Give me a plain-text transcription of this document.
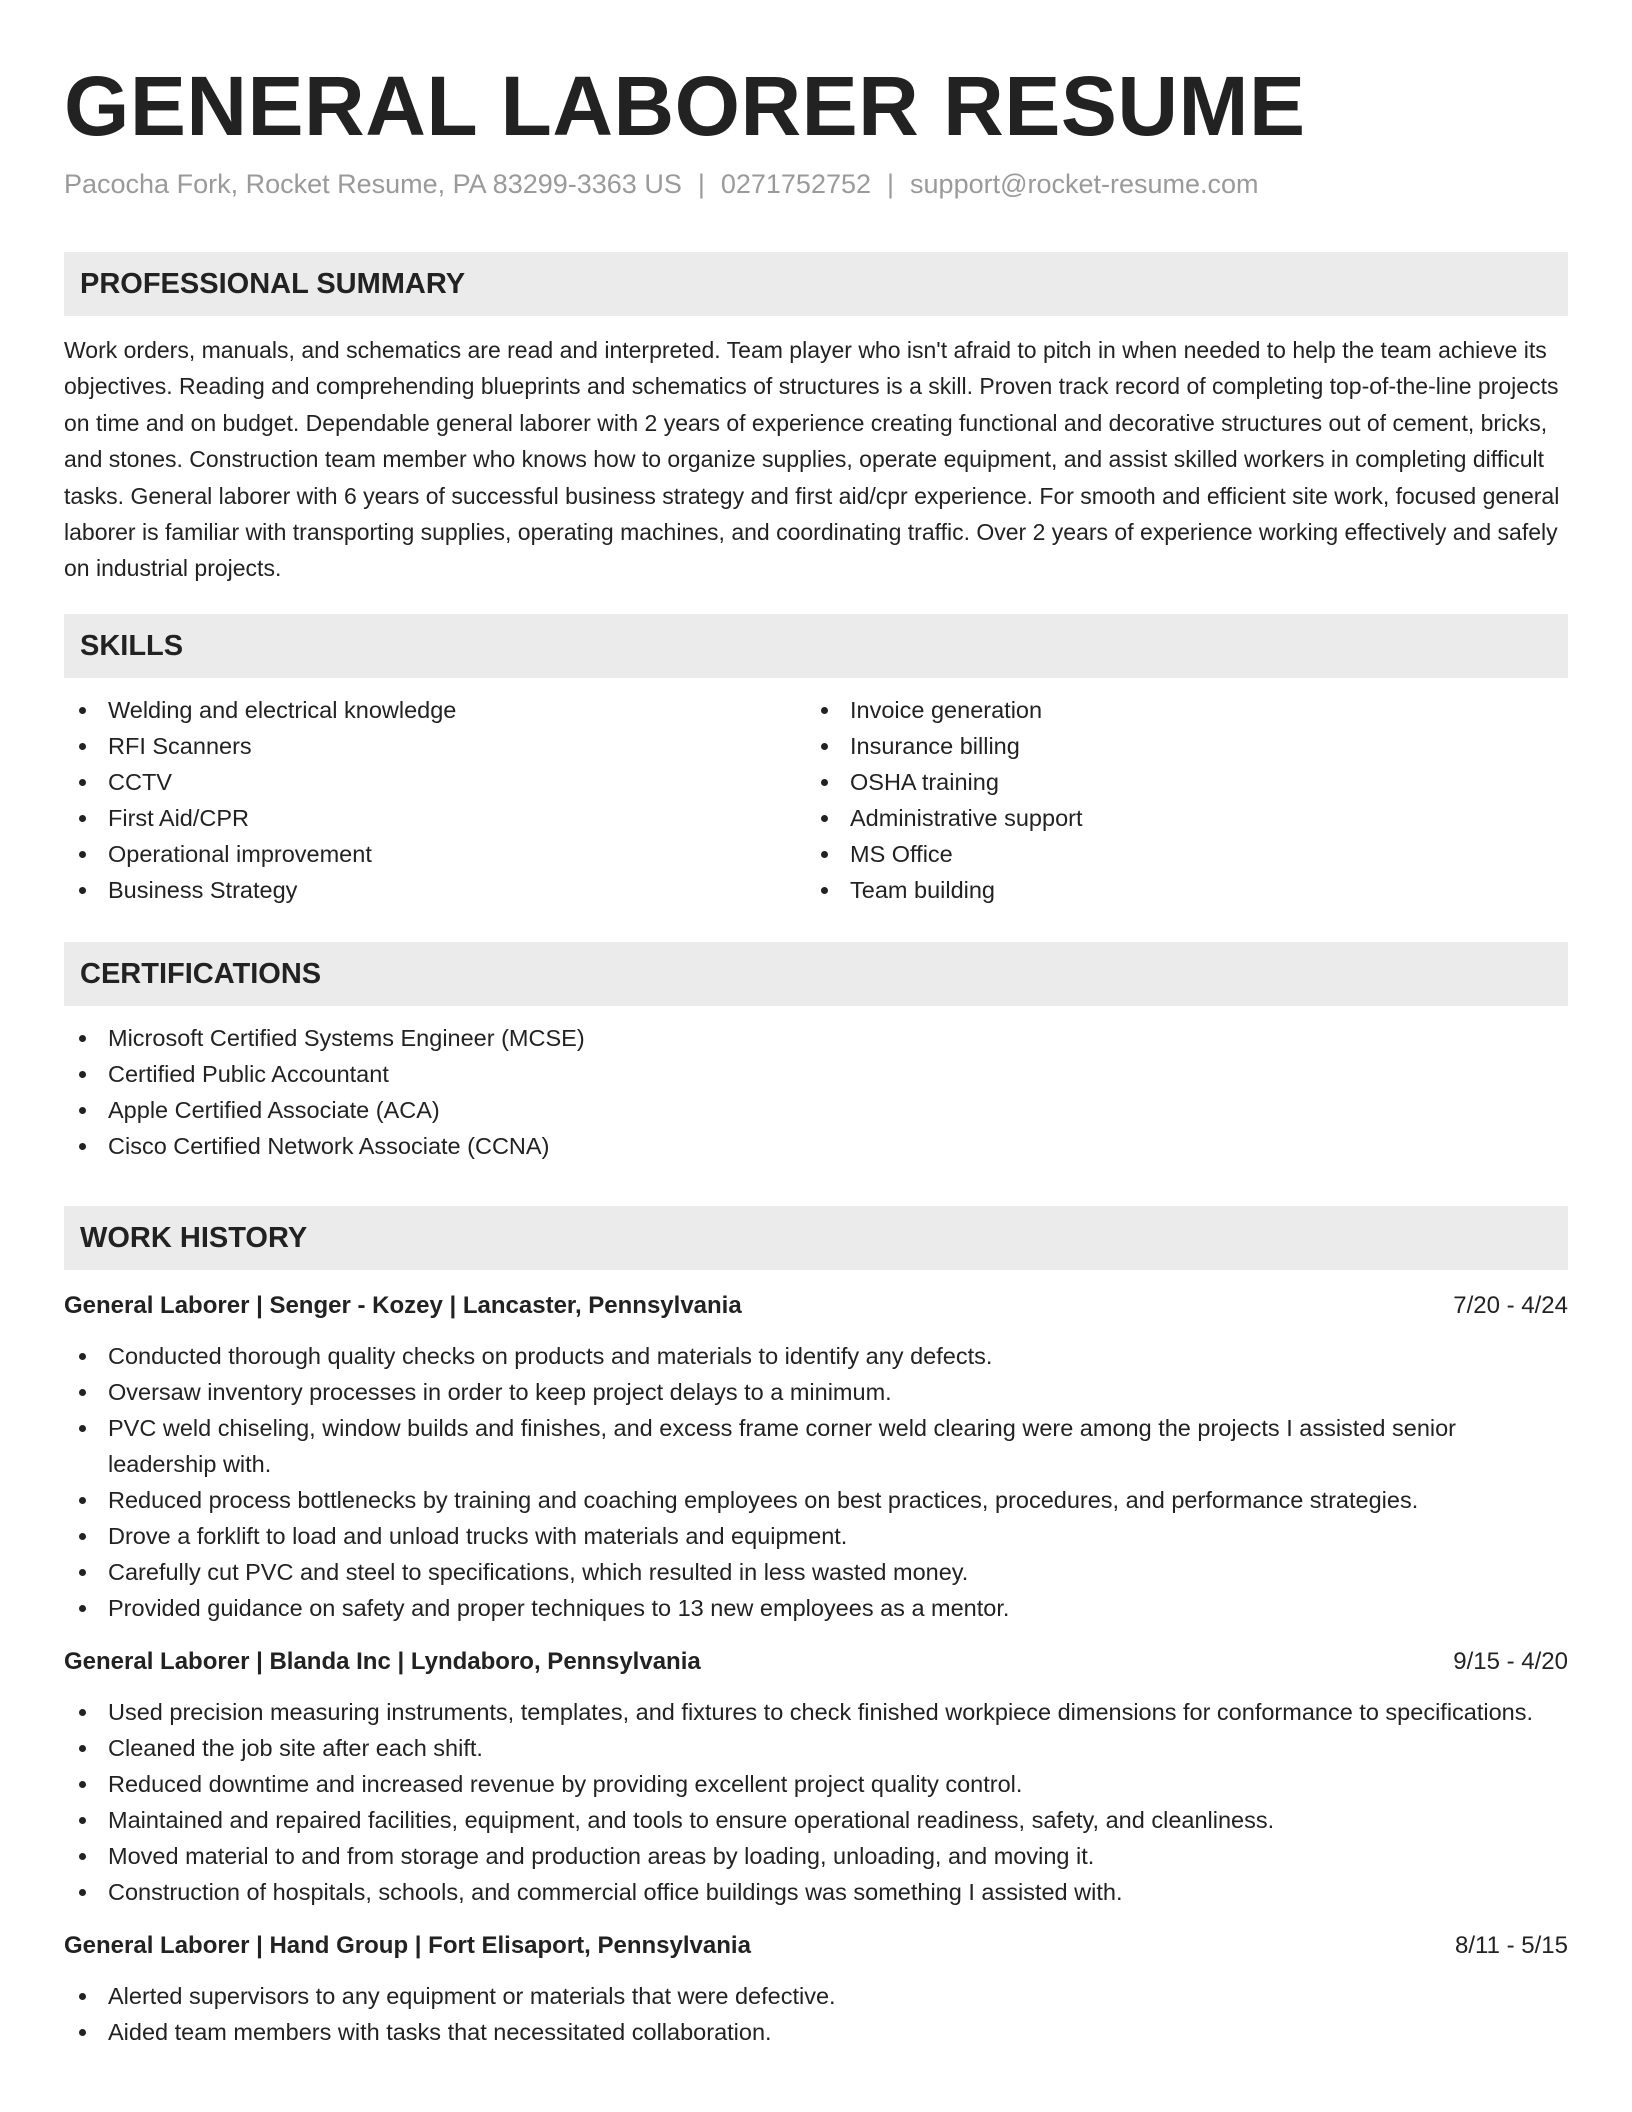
GENERAL LABORER RESUME
Pacocha Fork, Rocket Resume, PA 83299-3363 US | 0271752752 | support@rocket-resume.com
PROFESSIONAL SUMMARY

Work orders, manuals, and schematics are read and interpreted. Team player who isn't afraid to pitch in when needed to help the team achieve its objectives. Reading and comprehending blueprints and schematics of structures is a skill. Proven track record of completing top-of-the-line projects on time and on budget. Dependable general laborer with 2 years of experience creating functional and decorative structures out of cement, bricks, and stones. Construction team member who knows how to organize supplies, operate equipment, and assist skilled workers in completing difficult tasks. General laborer with 6 years of successful business strategy and first aid/cpr experience. For smooth and efficient site work, focused general laborer is familiar with transporting supplies, operating machines, and coordinating traffic. Over 2 years of experience working effectively and safely on industrial projects.

SKILLS
Welding and electrical knowledge
RFI Scanners
CCTV
First Aid/CPR
Operational improvement
Business Strategy
Invoice generation
Insurance billing
OSHA training
Administrative support
MS Office
Team building
CERTIFICATIONS
Microsoft Certified Systems Engineer (MCSE)
Certified Public Accountant
Apple Certified Associate (ACA)
Cisco Certified Network Associate (CCNA)
WORK HISTORY
General Laborer | Senger - Kozey | Lancaster, Pennsylvania	7/20 - 4/24
Conducted thorough quality checks on products and materials to identify any defects.
Oversaw inventory processes in order to keep project delays to a minimum.
PVC weld chiseling, window builds and finishes, and excess frame corner weld clearing were among the projects I assisted senior leadership with.
Reduced process bottlenecks by training and coaching employees on best practices, procedures, and performance strategies.
Drove a forklift to load and unload trucks with materials and equipment.
Carefully cut PVC and steel to specifications, which resulted in less wasted money.
Provided guidance on safety and proper techniques to 13 new employees as a mentor.
General Laborer | Blanda Inc | Lyndaboro, Pennsylvania	9/15 - 4/20
Used precision measuring instruments, templates, and fixtures to check finished workpiece dimensions for conformance to specifications.
Cleaned the job site after each shift.
Reduced downtime and increased revenue by providing excellent project quality control.
Maintained and repaired facilities, equipment, and tools to ensure operational readiness, safety, and cleanliness.
Moved material to and from storage and production areas by loading, unloading, and moving it.
Construction of hospitals, schools, and commercial office buildings was something I assisted with.
General Laborer | Hand Group | Fort Elisaport, Pennsylvania	8/11 - 5/15
Alerted supervisors to any equipment or materials that were defective.
Aided team members with tasks that necessitated collaboration.
